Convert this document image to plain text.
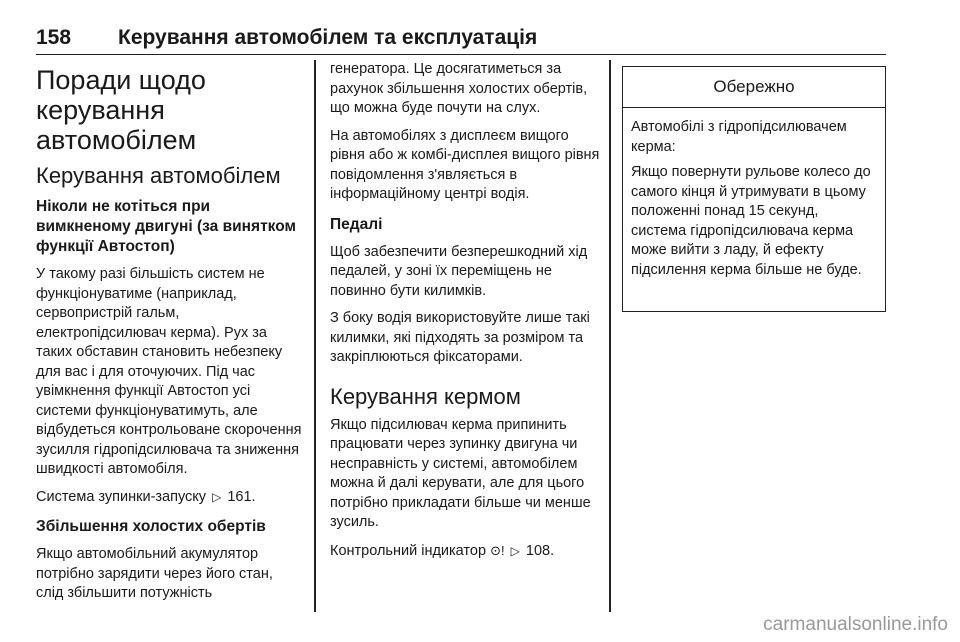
158 Керування автомобілем та експлуатація
Поради щодо керування автомобілем
Керування автомобілем
Ніколи не котіться при вимкненому двигуні (за винятком функції Автостоп)

У такому разі більшість систем не функціонуватиме (наприклад, сервопристрій гальм, електропідсилювач керма). Рух за таких обставин становить небезпеку для вас і для оточуючих. Під час увімкнення функції Автостоп усі системи функціонуватимуть, але відбудеться контрольоване скорочення зусилля гідропідсилювача та зниження швидкості автомобіля.

Система зупинки-запуску ▷ 161.

Збільшення холостих обертів

Якщо автомобільний акумулятор потрібно зарядити через його стан, слід збільшити потужність

генератора. Це досягатиметься за рахунок збільшення холостих обертів, що можна буде почути на слух.

На автомобілях з дисплеєм вищого рівня або ж комбі-дисплея вищого рівня повідомлення з'являється в інформаційному центрі водія.

Педалі

Щоб забезпечити безперешкодний хід педалей, у зоні їх переміщень не повинно бути килимків.

З боку водія використовуйте лише такі килимки, які підходять за розміром та закріплюються фіксаторами.

Керування кермом

Якщо підсилювач керма припинить працювати через зупинку двигуна чи несправність у системі, автомобілем можна й далі керувати, але для цього потрібно прикладати більше чи менше зусиль.

Контрольний індикатор ⊙! ▷ 108.

Обережно

Автомобілі з гідропідсилювачем керма:

Якщо повернути рульове колесо до самого кінця й утримувати в цьому положенні понад 15 секунд, система гідропідсилювача керма може вийти з ладу, й ефекту підсилення керма більше не буде.

carmanualsonline.info
